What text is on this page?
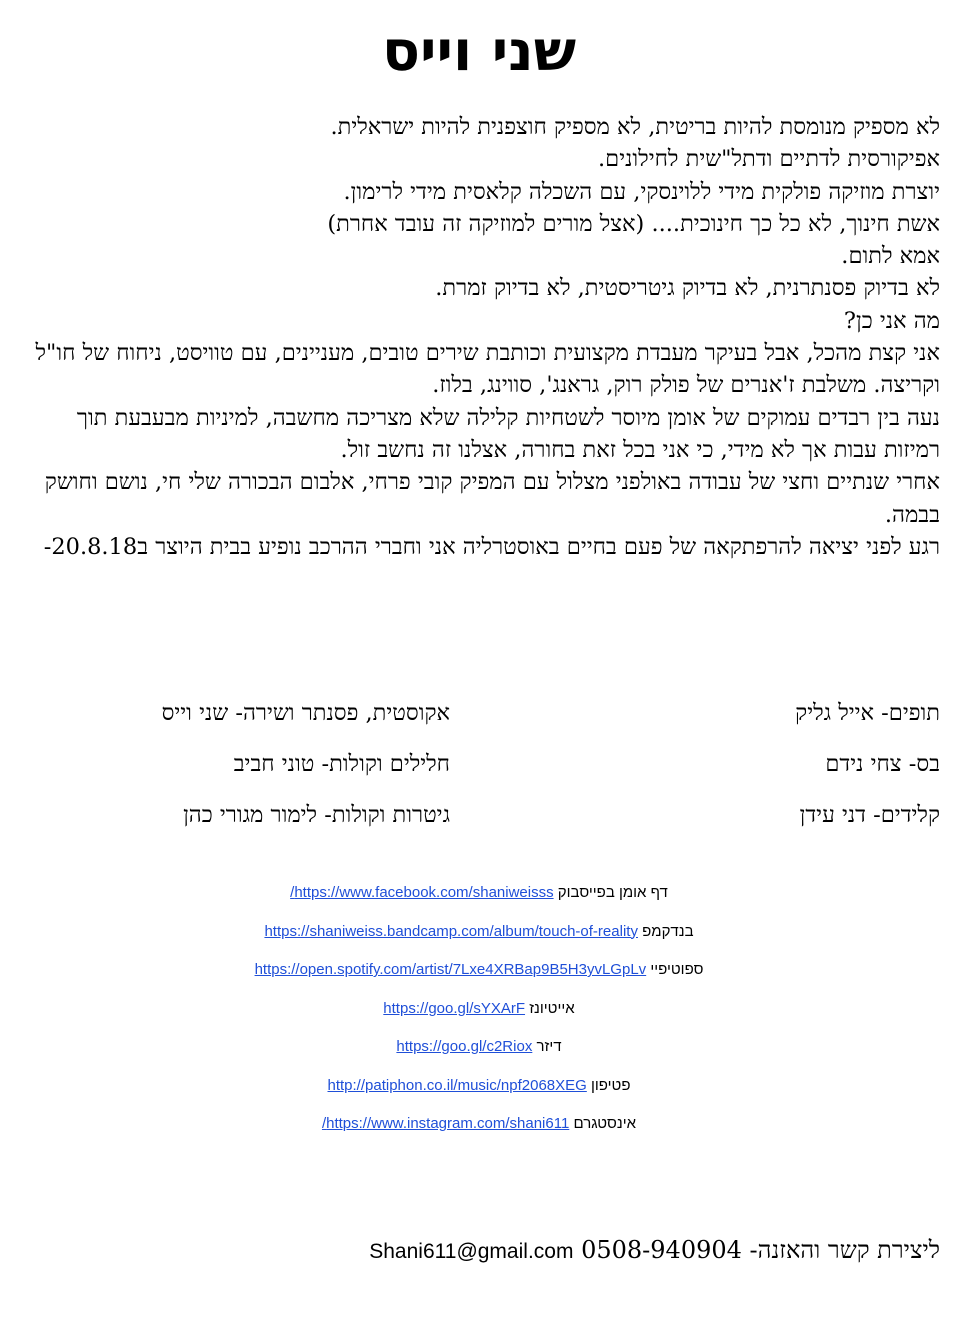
שני וייס

לא מספיק מנומסת להיות בריטית, לא מספיק חוצפנית להיות ישראלית.

אפיקורסית לדתיים ודתל"שית לחילונים.

יוצרת מוזיקה פולקית מידי ללוינסקי, עם השכלה קלאסית מידי לרימון.

אשת חינוך, לא כל כך חינוכית.... (אצל מורים למוזיקה זה עובד אחרת)

אמא לתום.

לא בדיוק פסנתרנית, לא בדיוק גיטריסטית, לא בדיוק זמרת.

מה אני כן?

אני קצת מהכל, אבל בעיקר מעבדת מקצועית וכותבת שירים טובים, מעניינים, עם טוויסט, ניחוח של חו"ל וקריצה. משלבת ז'אנרים של פולק רוק, גראנג', סווינג, בלוז.

נעה בין רבדים עמוקים של אומן מיוסר לשטחיות קלילה שלא מצריכה מחשבה, למיניות מבעבעת תוך רמיזות עבות אך לא מידי, כי אני בכל זאת בחורה, אצלנו זה נחשב זול.

אחרי שנתיים וחצי של עבודה באולפני מצלול עם המפיק קובי פרחי, אלבום הבכורה שלי חי, נושם וחושק בבמה.

רגע לפני יציאה להרפתקאה של פעם בחיים באוסטרליה אני וחברי ההרכב נופיע בבית היוצר ב20.8.18-

תופים- אייל גליק
אקוסטית, פסנתר ושירה- שני וייס
בס- צחי נידם
חלילים וקולות- טוני חביב
קלידים- דני עידן
גיטרות וקולות- לימור מגורי כהן
דף אומן בפייסבוק https://www.facebook.com/shaniweisss/
בנדקמפ https://shaniweiss.bandcamp.com/album/touch-of-reality
ספוטיפיי https://open.spotify.com/artist/7Lxe4XRBap9B5H3yvLGpLv
אייטיונז https://goo.gl/sYXArF
דיזר https://goo.gl/c2Riox
פטיפון http://patiphon.co.il/music/npf2068XEG
אינסטגרם https://www.instagram.com/shani611/
ליצירת קשר והאזנה- 0508-940904 Shani611@gmail.com
